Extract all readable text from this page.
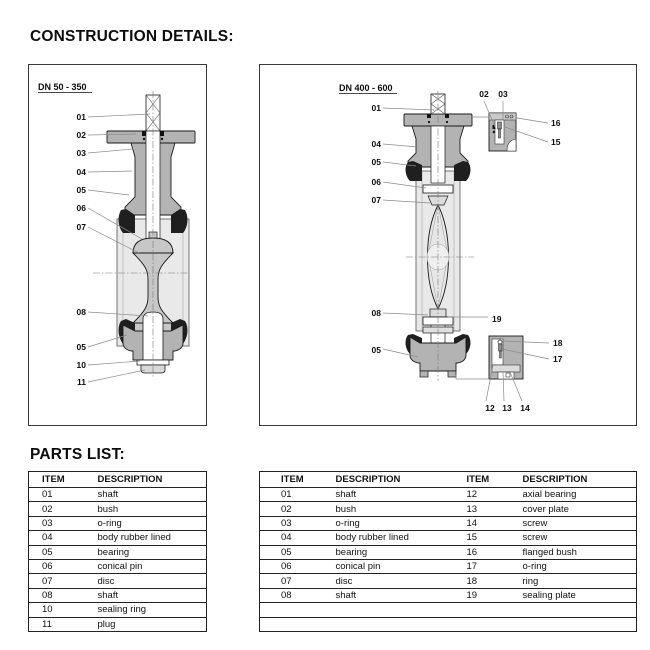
CONSTRUCTION DETAILS:
DN 50 - 350
01
02
03
04
05
06
07
08
05
10
11
DN 400 - 600
01
04
05
06
07
08
05
02 03
12 13 14
16
15
19
18
17
PARTS LIST:
ITEM	DESCRIPTION
01	shaft
02	bush
03	o-ring
04	body rubber lined
05	bearing
06	conical pin
07	disc
08	shaft
10	sealing ring
11	plug
ITEM	DESCRIPTION	ITEM	DESCRIPTION
01	shaft	12	axial bearing
02	bush	13	cover plate
03	o-ring	14	screw
04	body rubber lined	15	screw
05	bearing	16	flanged bush
06	conical pin	17	o-ring
07	disc	18	ring
08	shaft	19	sealing plate
